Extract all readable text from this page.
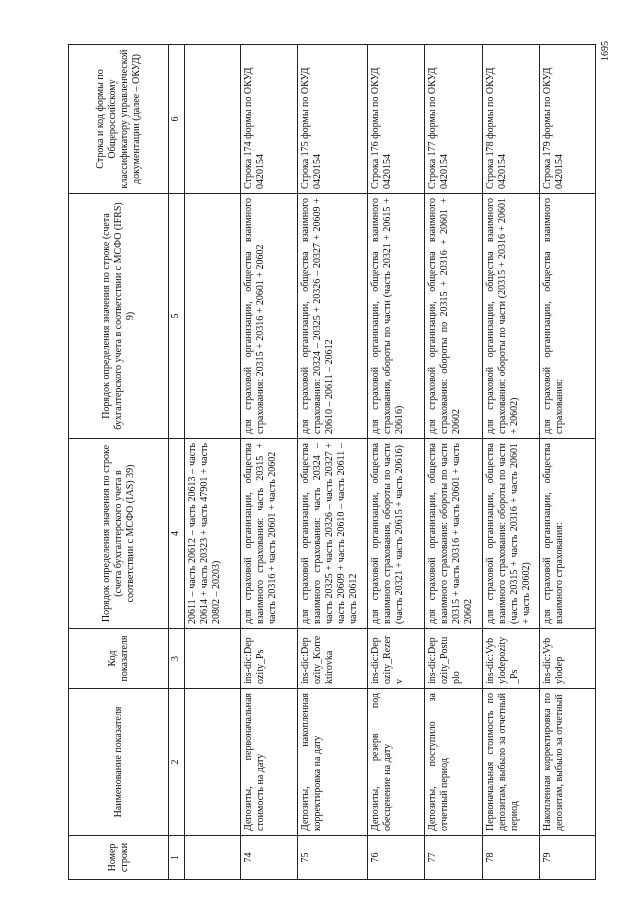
1695
Номер строки	Наименование показателя	Код показателя	Порядок определения значения по строке (счета бухгалтерского учета в соответствии с МСФО (IAS) 39)	Порядок определения значения по строке (счета бухгалтерского учета в соответствии с МСФО (IFRS) 9)	Строка и код формы по Общероссийскому классификатору управленческой документации (далее – ОКУД)
1	2	3	4	5	6
			20611 – часть 20612 – часть 20613 – часть 20614 + часть 20323 + часть 47901 + часть 20802 – 20203)		
74	Депозиты, первоначальная стоимость на дату	ins-dic:Depozity_Ps	для страховой организации, общества взаимного страхования: часть 20315 + часть 20316 + часть 20601 + часть 20602	для страховой организации, общества взаимного страхования: 20315 + 20316 + 20601 + 20602	Строка 174 формы по ОКУД 0420154
75	Депозиты, накопленная корректировка на дату	ins-dic:Depozity_Korrektirovka	для страховой организации, общества взаимного страхования: часть 20324 – часть 20325 + часть 20326 – часть 20327 + часть 20609 + часть 20610 – часть 20611 – часть 20612	для страховой организации, общества взаимного страхования: 20324 – 20325 + 20326 – 20327 + 20609 + 20610 – 20611 – 20612	Строка 175 формы по ОКУД 0420154
76	Депозиты, резерв под обесценение на дату	ins-dic:Depozity_Rezerv	для страховой организации, общества взаимного страхования, обороты по части (часть 20321 + часть 20615 + часть 20616)	для страховой организации, общества взаимного страхования, обороты по части (часть 20321 + 20615 + 20616)	Строка 176 формы по ОКУД 0420154
77	Депозиты, поступило за отчетный период	ins-dic:Depozity_Postuplo	для страховой организации, общества взаимного страхования: обороты по части 20315 + часть 20316 + часть 20601 + часть 20602	для страховой организации, общества взаимного страхования: обороты по 20315 + 20316 + 20601 + 20602	Строка 177 формы по ОКУД 0420154
78	Первоначальная стоимость по депозитам, выбыло за отчетный период	ins-dic:Vybylodepozity_Ps	для страховой организации, общества взаимного страхования: обороты по части (часть 20315 + часть 20316 + часть 20601 + часть 20602)	для страховой организации, общества взаимного страхования: обороты по части (20315 + 20316 + 20601 + 20602)	Строка 178 формы по ОКУД 0420154
79	Накопленная корректировка по депозитам, выбыло за отчетный	ins-dic:Vybylodep	для страховой организации, общества взаимного страхования:	для страховой организации, общества взаимного страхования:	Строка 179 формы по ОКУД 0420154
